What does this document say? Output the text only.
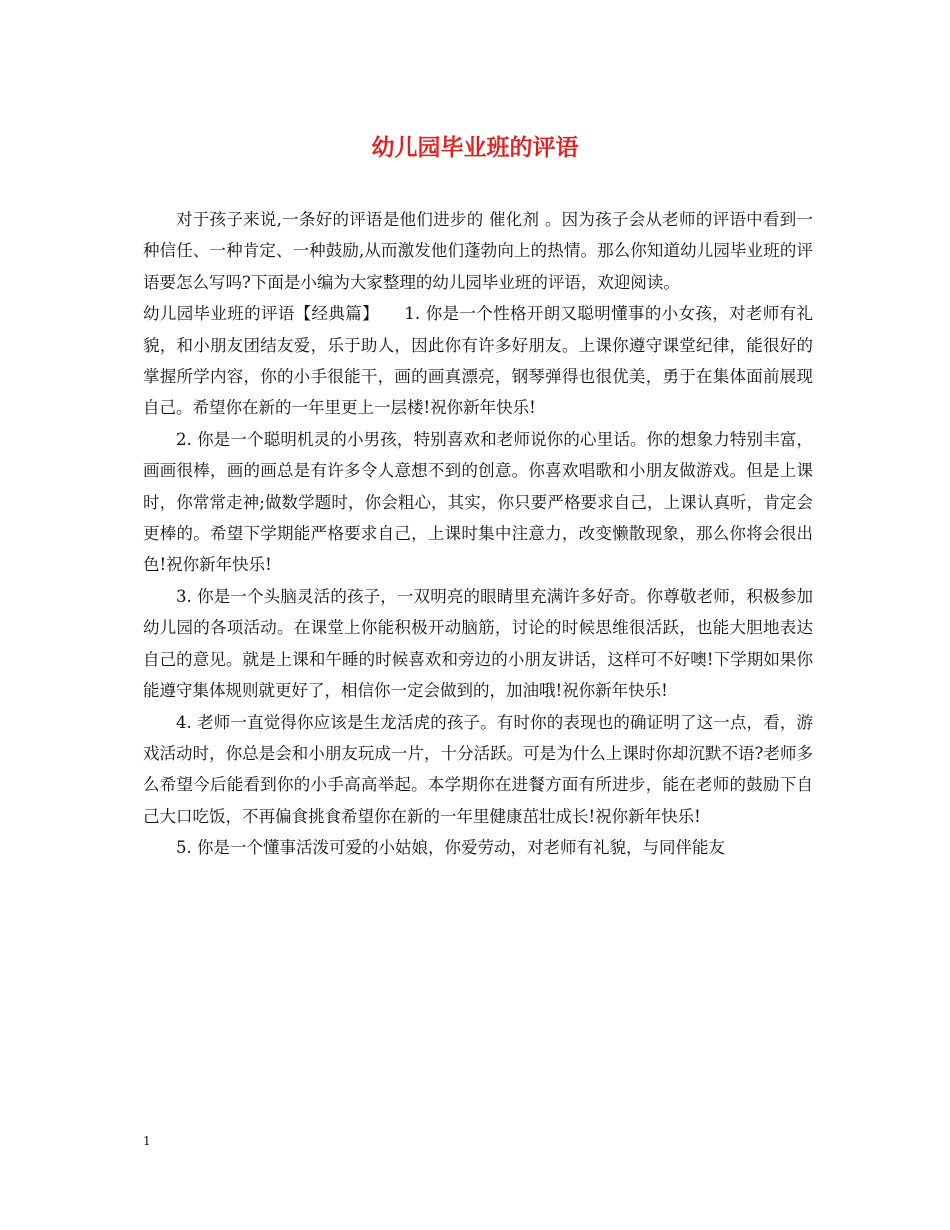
幼儿园毕业班的评语

对于孩子来说,一条好的评语是他们进步的 催化剂 。因为孩子会从老师的评语中看到一种信任、一种肯定、一种鼓励,从而激发他们蓬勃向上的热情。那么你知道幼儿园毕业班的评语要怎么写吗?下面是小编为大家整理的幼儿园毕业班的评语，欢迎阅读。

幼儿园毕业班的评语【经典篇】　　1. 你是一个性格开朗又聪明懂事的小女孩，对老师有礼貌，和小朋友团结友爱，乐于助人，因此你有许多好朋友。上课你遵守课堂纪律，能很好的掌握所学内容，你的小手很能干，画的画真漂亮，钢琴弹得也很优美，勇于在集体面前展现自己。希望你在新的一年里更上一层楼!祝你新年快乐!

2. 你是一个聪明机灵的小男孩，特别喜欢和老师说你的心里话。你的想象力特别丰富，画画很棒，画的画总是有许多令人意想不到的创意。你喜欢唱歌和小朋友做游戏。但是上课时，你常常走神;做数学题时，你会粗心，其实，你只要严格要求自己，上课认真听，肯定会更棒的。希望下学期能严格要求自己，上课时集中注意力，改变懒散现象，那么你将会很出色!祝你新年快乐!

3. 你是一个头脑灵活的孩子，一双明亮的眼睛里充满许多好奇。你尊敬老师，积极参加幼儿园的各项活动。在课堂上你能积极开动脑筋，讨论的时候思维很活跃，也能大胆地表达自己的意见。就是上课和午睡的时候喜欢和旁边的小朋友讲话，这样可不好噢!下学期如果你能遵守集体规则就更好了，相信你一定会做到的，加油哦!祝你新年快乐!

4. 老师一直觉得你应该是生龙活虎的孩子。有时你的表现也的确证明了这一点，看，游戏活动时，你总是会和小朋友玩成一片，十分活跃。可是为什么上课时你却沉默不语?老师多么希望今后能看到你的小手高高举起。本学期你在进餐方面有所进步，能在老师的鼓励下自己大口吃饭，不再偏食挑食希望你在新的一年里健康茁壮成长!祝你新年快乐!

5. 你是一个懂事活泼可爱的小姑娘，你爱劳动，对老师有礼貌，与同伴能友

1
